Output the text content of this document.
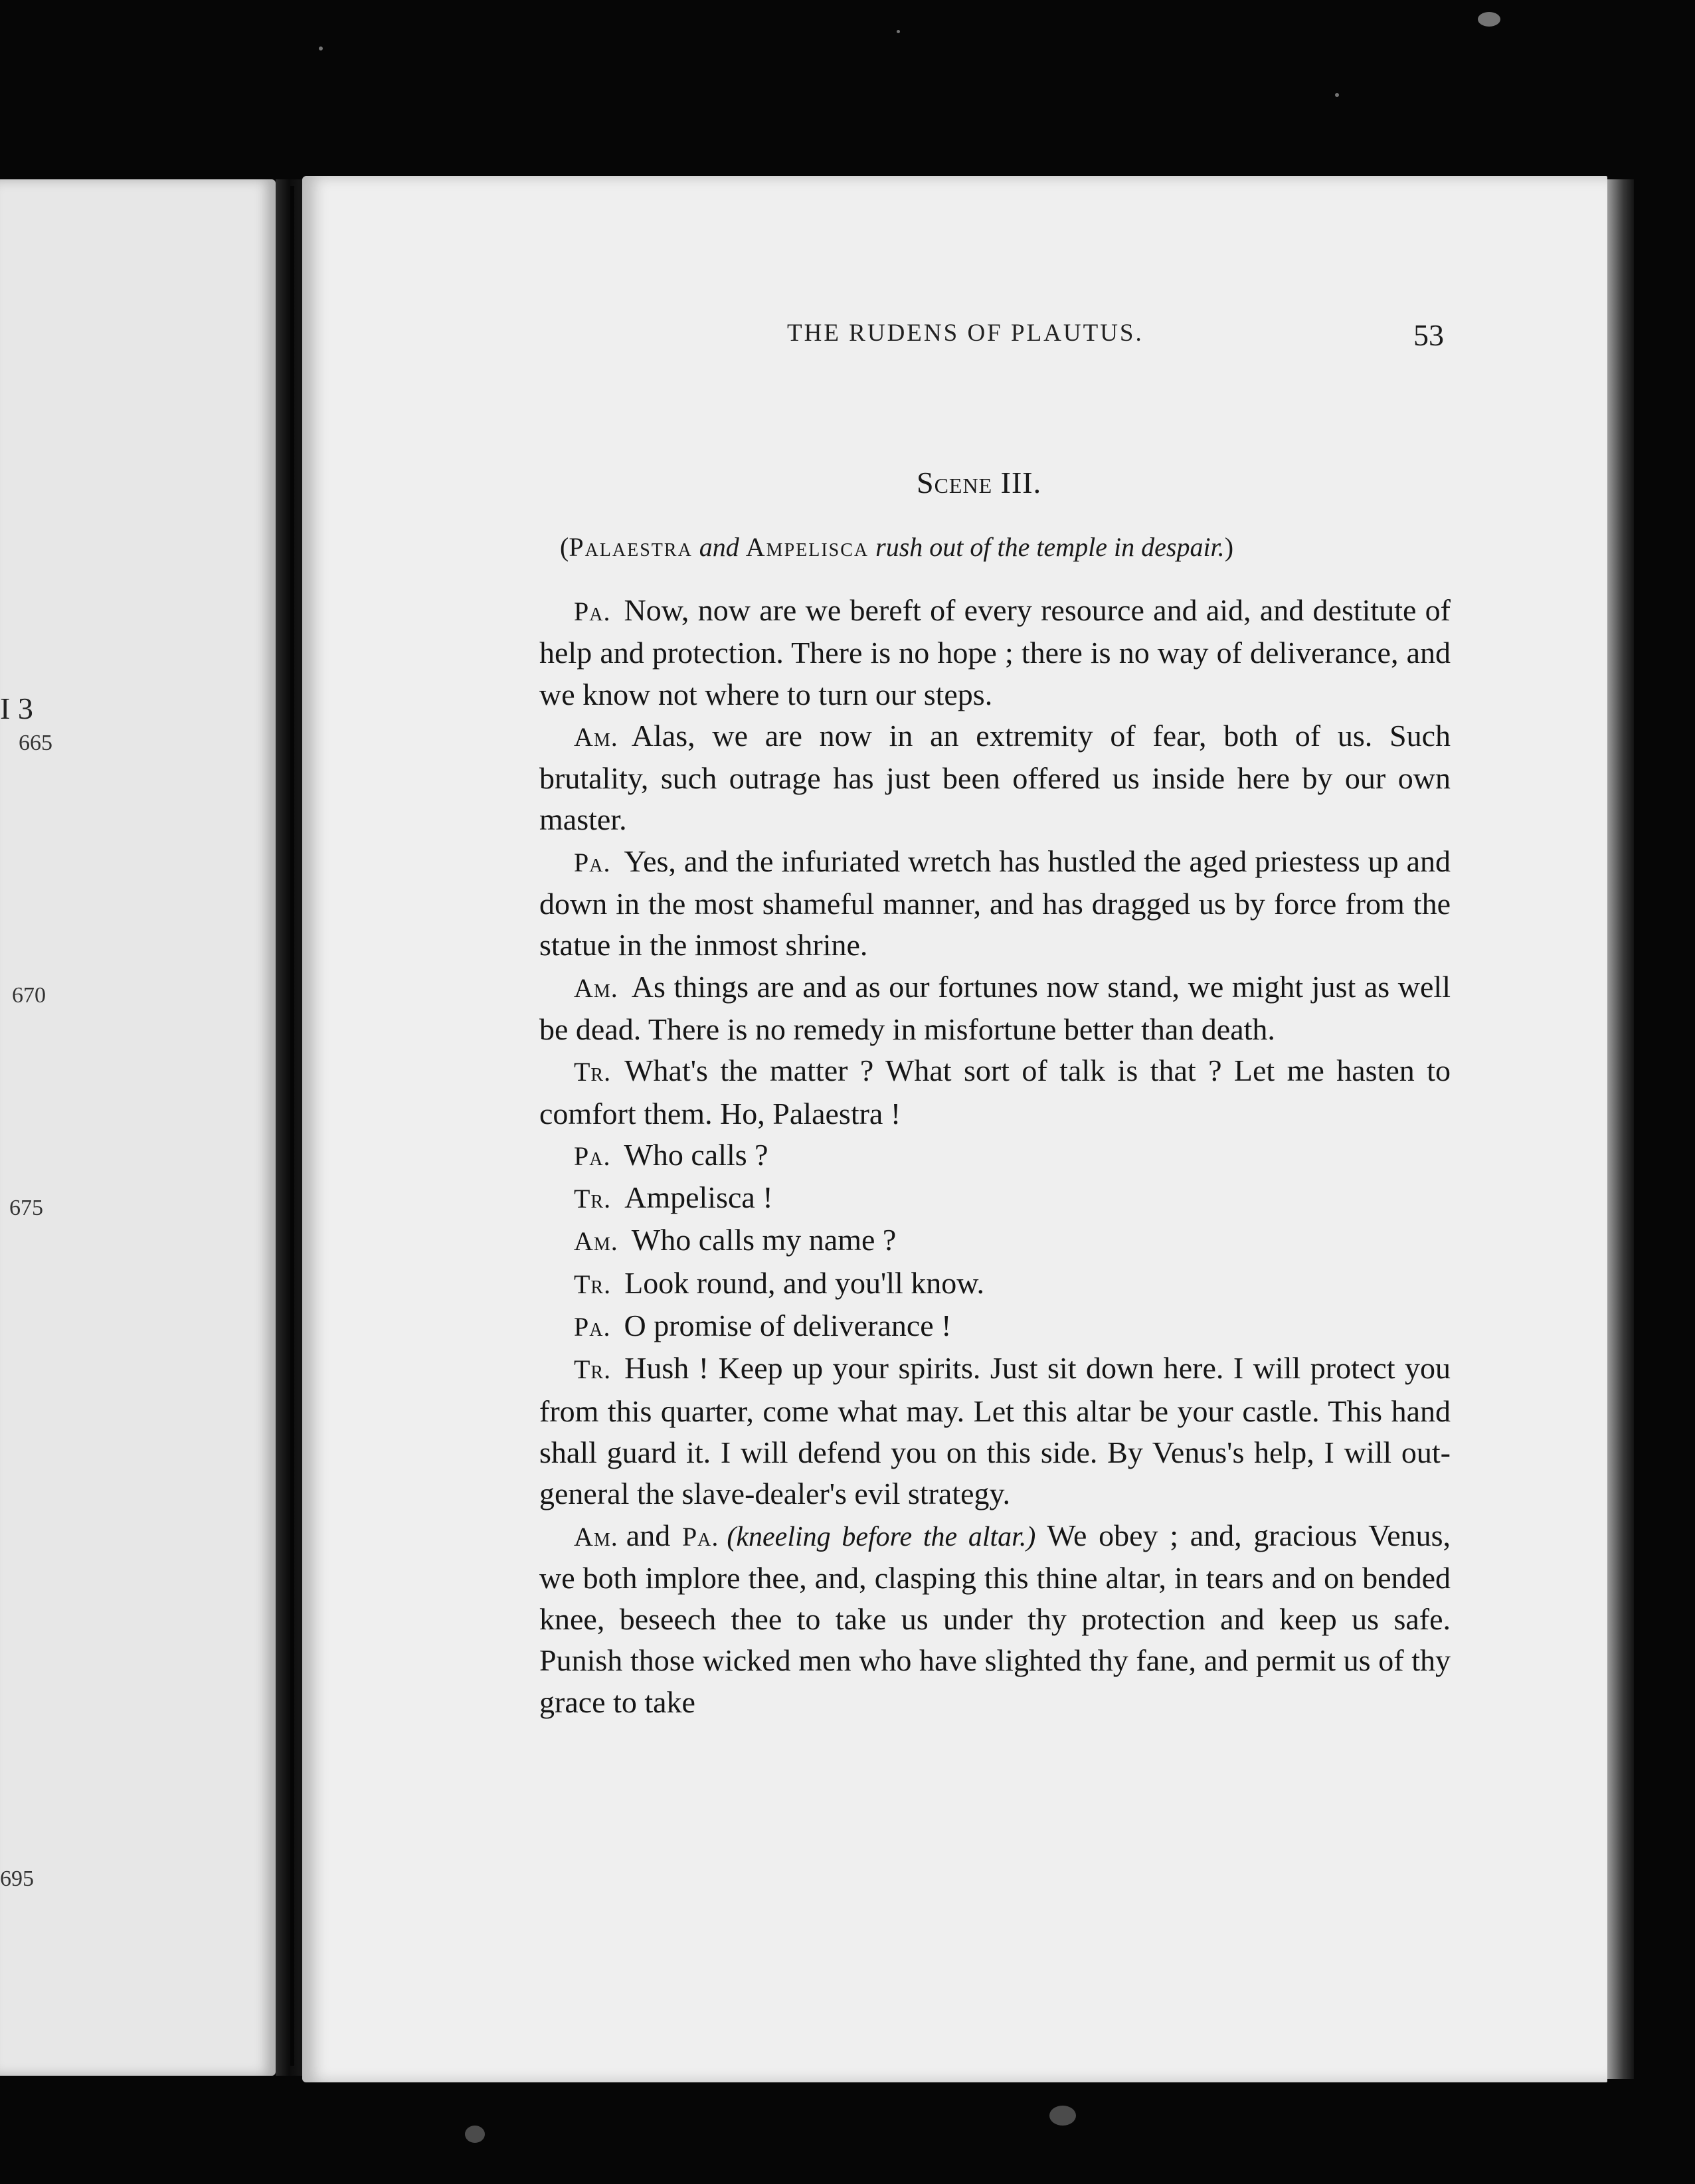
I 3
665
670
675
695
THE RUDENS OF PLAUTUS.	53
Scene III.
(Palaestra and Ampelisca rush out of the temple in despair.)

Pa. Now, now are we bereft of every resource and aid, and destitute of help and protection. There is no hope ; there is no way of deliverance, and we know not where to turn our steps.

Am. Alas, we are now in an extremity of fear, both of us. Such brutality, such outrage has just been offered us inside here by our own master.

Pa. Yes, and the infuriated wretch has hustled the aged priestess up and down in the most shameful manner, and has dragged us by force from the statue in the inmost shrine.

Am. As things are and as our fortunes now stand, we might just as well be dead. There is no remedy in misfortune better than death.

Tr. What's the matter ? What sort of talk is that ? Let me hasten to comfort them. Ho, Palaestra !

Pa. Who calls ?

Tr. Ampelisca !

Am. Who calls my name ?

Tr. Look round, and you'll know.

Pa. O promise of deliverance !

Tr. Hush ! Keep up your spirits. Just sit down here. I will protect you from this quarter, come what may. Let this altar be your castle. This hand shall guard it. I will defend you on this side. By Venus's help, I will out-general the slave-dealer's evil strategy.

Am. and Pa. (kneeling before the altar.) We obey ; and, gracious Venus, we both implore thee, and, clasping this thine altar, in tears and on bended knee, beseech thee to take us under thy protection and keep us safe. Punish those wicked men who have slighted thy fane, and permit us of thy grace to take
